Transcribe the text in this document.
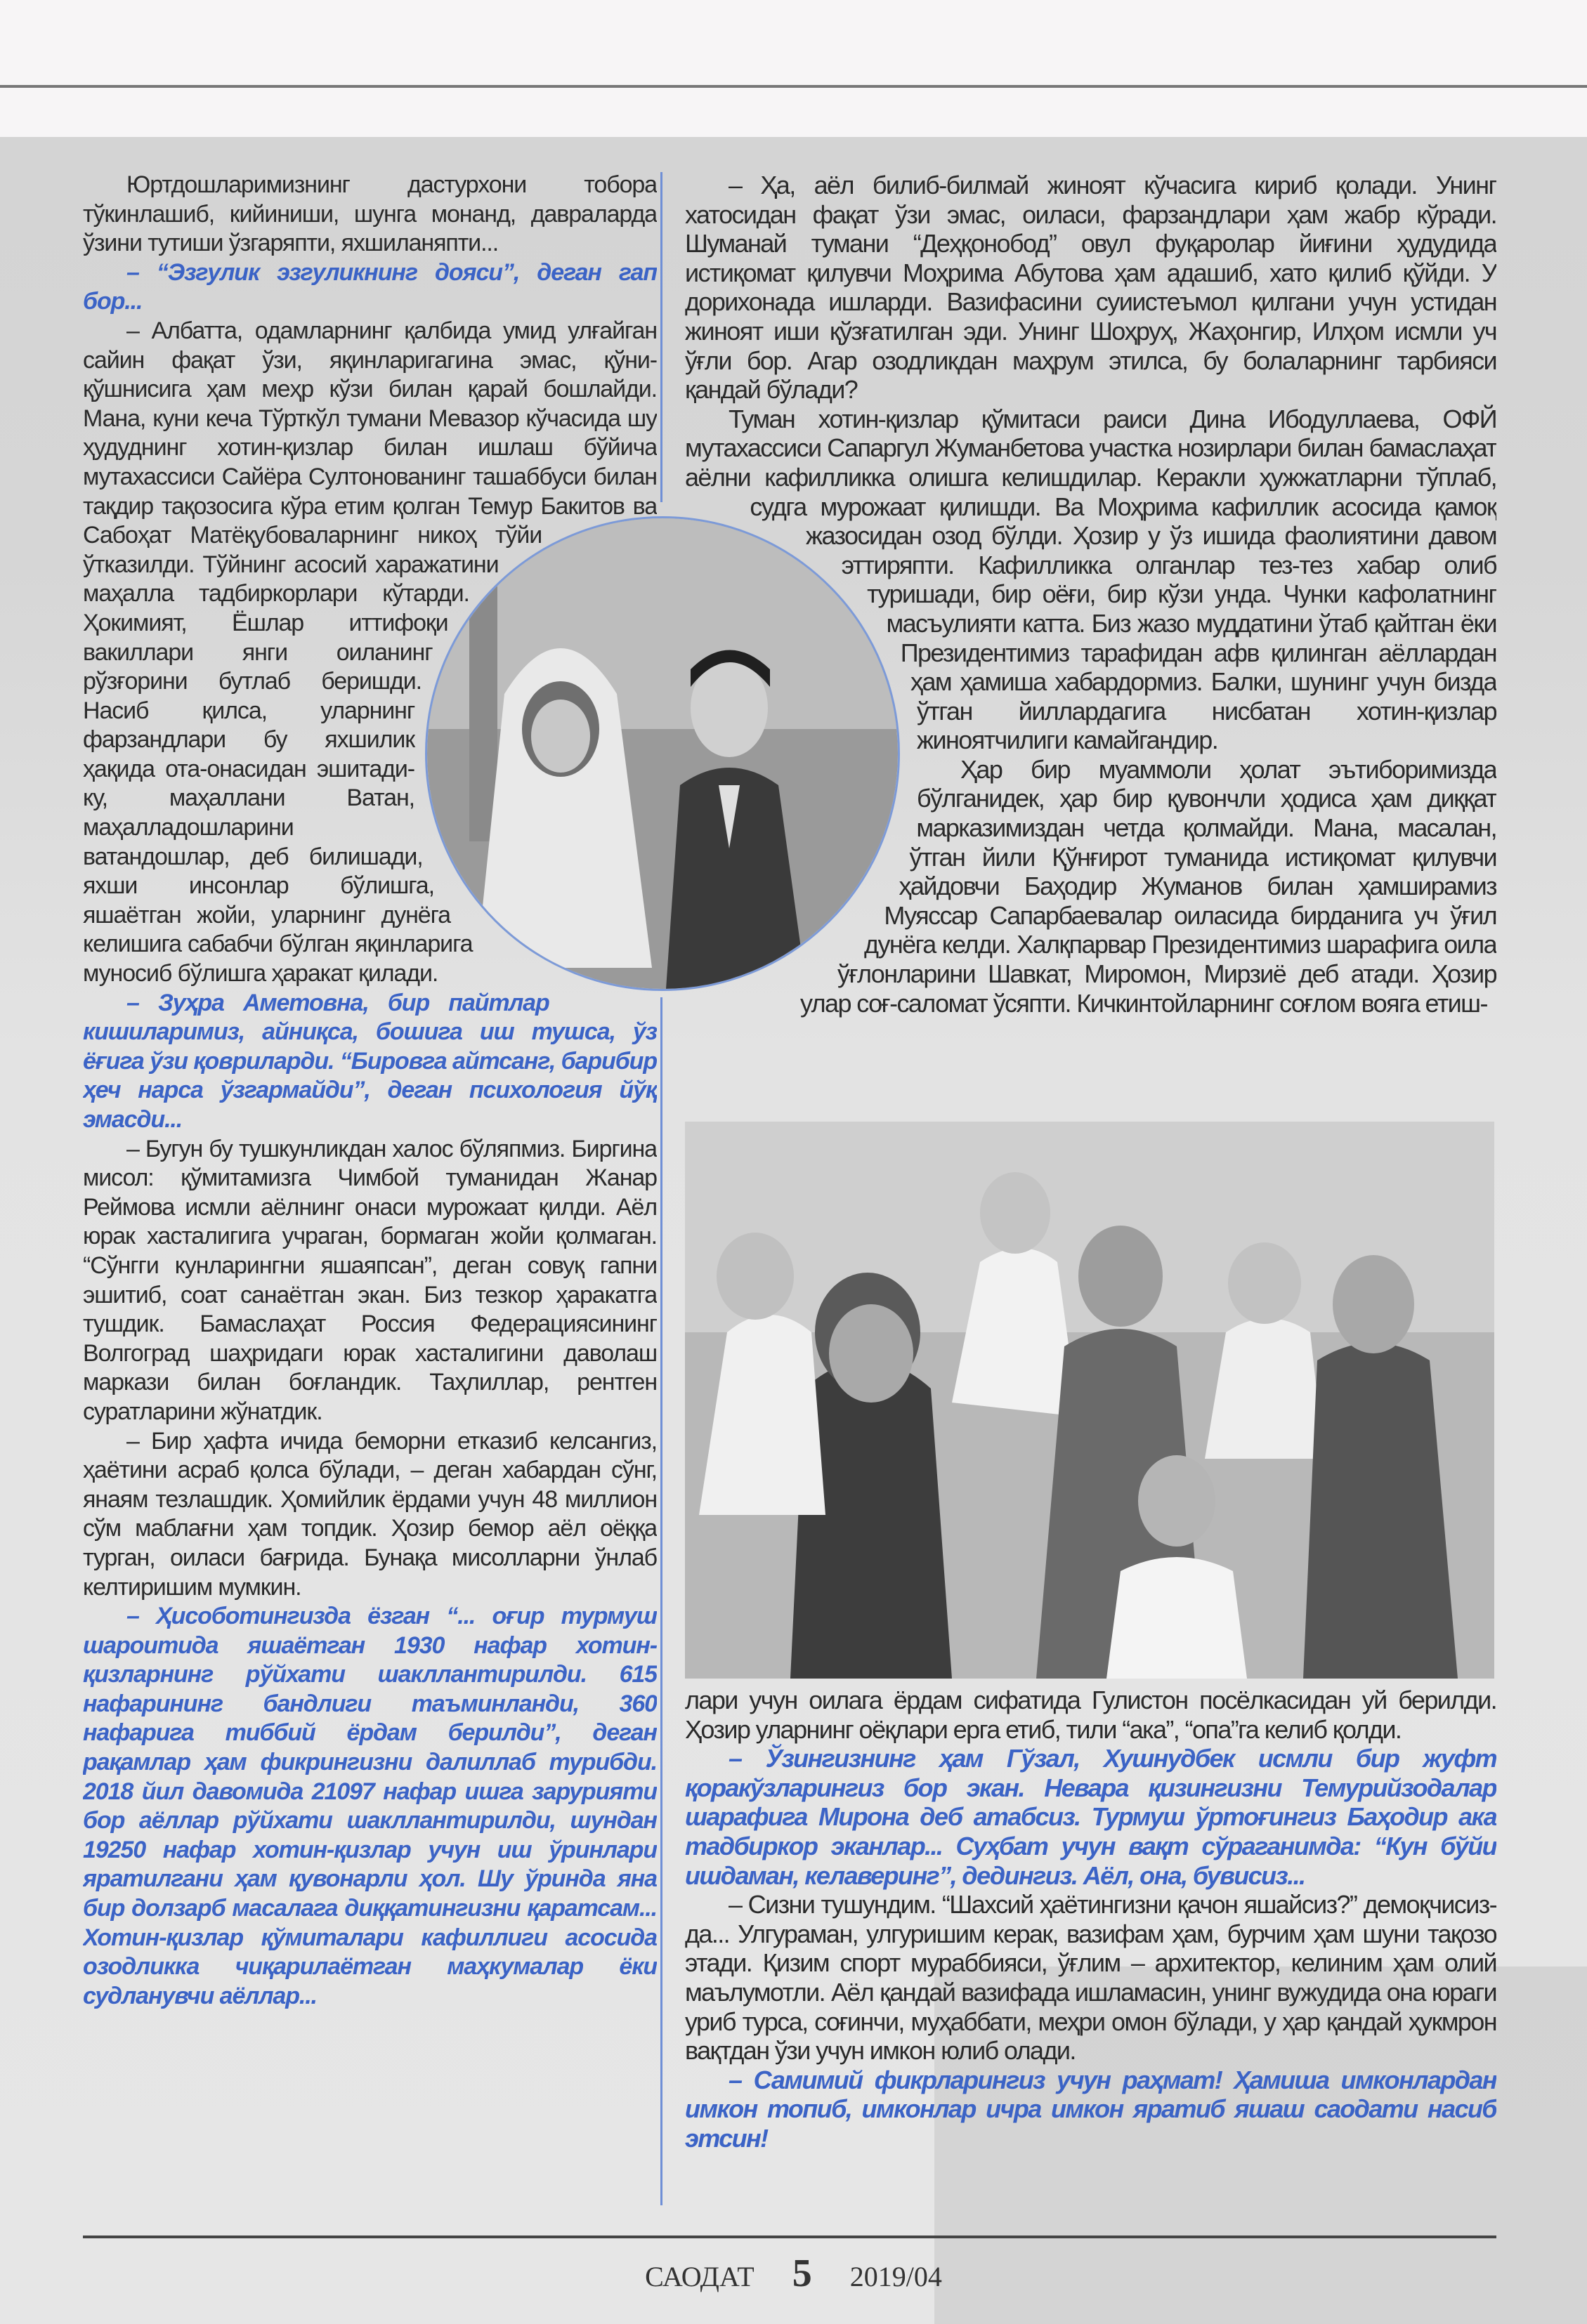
Юртдошларимизнинг дастурхони тобора тўкинлашиб, кийиниши, шунга монанд, давраларда ўзини тутиши ўзгаряпти, яхшиланяпти...

– “Эзгулик эзгуликнинг дояси”, деган гап бор...

– Албатта, одамларнинг қалбида умид улғайган сайин фақат ўзи, яқинларигагина эмас, қўни-қўшнисига ҳам меҳр кўзи билан қарай бошлайди. Мана, куни кеча Тўрткўл тумани Мевазор кўчасида шу ҳудуднинг хотин-қизлар билан ишлаш бўйича мутахассиси Сайёра Султонованинг ташаббуси билан тақдир тақозосига кўра етим қолган Темур Бакитов ва Сабоҳат Матёқубоваларнинг никоҳ тўйи ўтказилди. Тўйнинг асосий харажатини маҳалла тадбиркорлари кўтарди. Ҳокимият, Ёшлар иттифоқи вакиллари янги оиланинг рўзғорини бутлаб беришди. Насиб қилса, уларнинг фарзандлари бу яхшилик ҳақида ота-онасидан эшитади-ку, маҳаллани Ватан, маҳалладошларини ватандошлар, деб билишади, яхши инсонлар бўлишга, яшаётган жойи, уларнинг дунёга келишига сабабчи бўлган яқинларига муносиб бўлишга ҳаракат қилади.

– Зуҳра Аметовна, бир пайтлар кишиларимиз, айниқса, бошига иш тушса, ўз ёғига ўзи қовриларди. “Бировга айтсанг, барибир ҳеч нарса ўзгармайди”, деган психология йўқ эмасди...

– Бугун бу тушкунликдан халос бўляпмиз. Биргина мисол: қўмитамизга Чимбой туманидан Жанар Реймова исмли аёлнинг онаси мурожаат қилди. Аёл юрак хасталигига учраган, бормаган жойи қолмаган. “Сўнгги кунларингни яшаяпсан”, деган совуқ гапни эшитиб, соат санаётган экан. Биз тезкор ҳаракатга тушдик. Бамаслаҳат Россия Федерациясининг Волгоград шаҳридаги юрак хасталигини даволаш маркази билан боғландик. Таҳлиллар, рентген суратларини жўнатдик.

– Бир ҳафта ичида беморни етказиб келсангиз, ҳаётини асраб қолса бўлади, – деган хабардан сўнг, янаям тезлашдик. Ҳомийлик ёрдами учун 48 миллион сўм маблағни ҳам топдик. Ҳозир бемор аёл оёққа турган, оиласи бағрида. Бунақа мисолларни ўнлаб келтиришим мумкин.

– Ҳисоботингизда ёзган “... оғир турмуш шароитида яшаётган 1930 нафар хотин-қизларнинг рўйхати шакллантирилди. 615 нафарининг бандлиги таъминланди, 360 нафарига тиббий ёрдам берилди”, деган рақамлар ҳам фикрингизни далиллаб турибди. 2018 йил давомида 21097 нафар ишга зарурияти бор аёллар рўйхати шакллантирилди, шундан 19250 нафар хотин-қизлар учун иш ўринлари яратилгани ҳам қувонарли ҳол. Шу ўринда яна бир долзарб масалага диққатингизни қаратсам... Хотин-қизлар қўмиталари кафиллиги асосида озодликка чиқарилаётган маҳкумалар ёки судланувчи аёллар...

– Ҳа, аёл билиб-билмай жиноят кўчасига кириб қолади. Унинг хатосидан фақат ўзи эмас, оиласи, фарзандлари ҳам жабр кўради. Шуманай тумани “Деҳқонобод” овул фуқаролар йиғини ҳудудида истиқомат қилувчи Моҳрима Абутова ҳам адашиб, хато қилиб қўйди. У дорихонада ишларди. Вазифасини суиистеъмол қилгани учун устидан жиноят иши қўзғатилган эди. Унинг Шоҳруҳ, Жаҳонгир, Илҳом исмли уч ўғли бор. Агар озодликдан маҳрум этилса, бу болаларнинг тарбияси қандай бўлади?

Туман хотин-қизлар қўмитаси раиси Дина Ибодуллаева, ОФЙ мутахассиси Сапаргул Жуманбетова участка нозирлари билан бамаслаҳат аёлни кафилликка олишга келишдилар. Керакли ҳужжатларни тўплаб, судга мурожаат қилишди. Ва Моҳрима кафиллик асосида қамоқ жазосидан озод бўлди. Ҳозир у ўз ишида фаолиятини давом эттиряпти. Кафилликка олганлар тез-тез хабар олиб туришади, бир оёғи, бир кўзи унда. Чунки кафолатнинг масъулияти катта. Биз жазо муддатини ўтаб қайтган ёки Президентимиз тарафидан афв қилинган аёллардан ҳам ҳамиша хабардормиз. Балки, шунинг учун бизда ўтган йиллардагига нисбатан хотин-қизлар жиноятчилиги камайгандир.

Ҳар бир муаммоли ҳолат эътиборимизда бўлганидек, ҳар бир қувончли ҳодиса ҳам диққат марказимиздан четда қолмайди. Мана, масалан, ўтган йили Қўнғирот туманида истиқомат қилувчи ҳайдовчи Баҳодир Жуманов билан ҳамширамиз Муяссар Сапарбаевалар оиласида бирданига уч ўғил дунёга келди. Халқпарвар Президентимиз шарафига оила ўғлонларини Шавкат, Миромон, Мирзиё деб атади. Ҳозир улар соғ-саломат ўсяпти. Кичкинтойларнинг соғлом вояга етиш-

лари учун оилага ёрдам сифатида Гулистон посёлкасидан уй берилди. Ҳозир уларнинг оёқлари ерга етиб, тили “ака”, “опа”га келиб қолди.

– Ўзингизнинг ҳам Гўзал, Хушнудбек исмли бир жуфт қоракўзларингиз бор экан. Невара қизингизни Темурийзодалар шарафига Мирона деб атабсиз. Турмуш ўртоғингиз Баҳодир ака тадбиркор эканлар... Суҳбат учун вақт сўраганимда: “Кун бўйи ишдаман, келаверинг”, дедингиз. Аёл, она, бувисиз...

– Сизни тушундим. “Шахсий ҳаётингизни қачон яшайсиз?” демоқчисиз-да... Улгураман, улгуришим керак, вазифам ҳам, бурчим ҳам шуни тақозо этади. Қизим спорт мураббияси, ўғлим – архитектор, келиним ҳам олий маълумотли. Аёл қандай вазифада ишламасин, унинг вужудида она юраги уриб турса, соғинчи, муҳаббати, меҳри омон бўлади, у ҳар қандай ҳукмрон вақтдан ўзи учун имкон юлиб олади.

– Самимий фикрларингиз учун раҳмат! Ҳамиша имконлардан имкон топиб, имконлар ичра имкон яратиб яшаш саодати насиб этсин!

САОДАТ 5 2019/04
